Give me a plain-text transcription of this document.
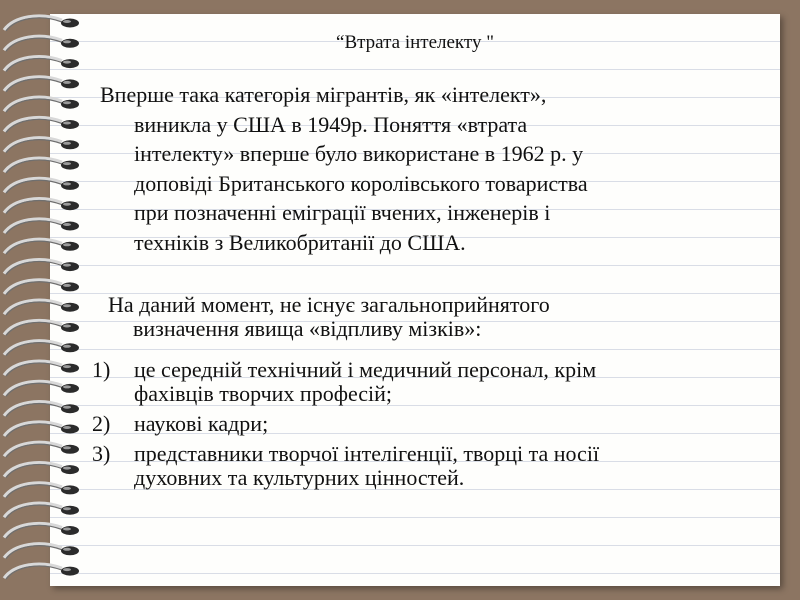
“Втрата інтелекту "
Вперше така категорія мігрантів, як «інтелект»,
виникла у США в 1949р. Поняття «втрата
інтелекту» вперше було використане в 1962 р. у
доповіді Британського королівського товариства
при позначенні еміграції вчених, інженерів і
техніків з Великобританії до США.
На даний момент, не існує загальноприйнятого
визначення явища «відпливу мізків»:
1)	це середній технічний і медичний персонал, крім
фахівців творчих професій;
2)	наукові кадри;
3)	представники творчої інтелігенції, творці та носії
духовних та культурних цінностей.
